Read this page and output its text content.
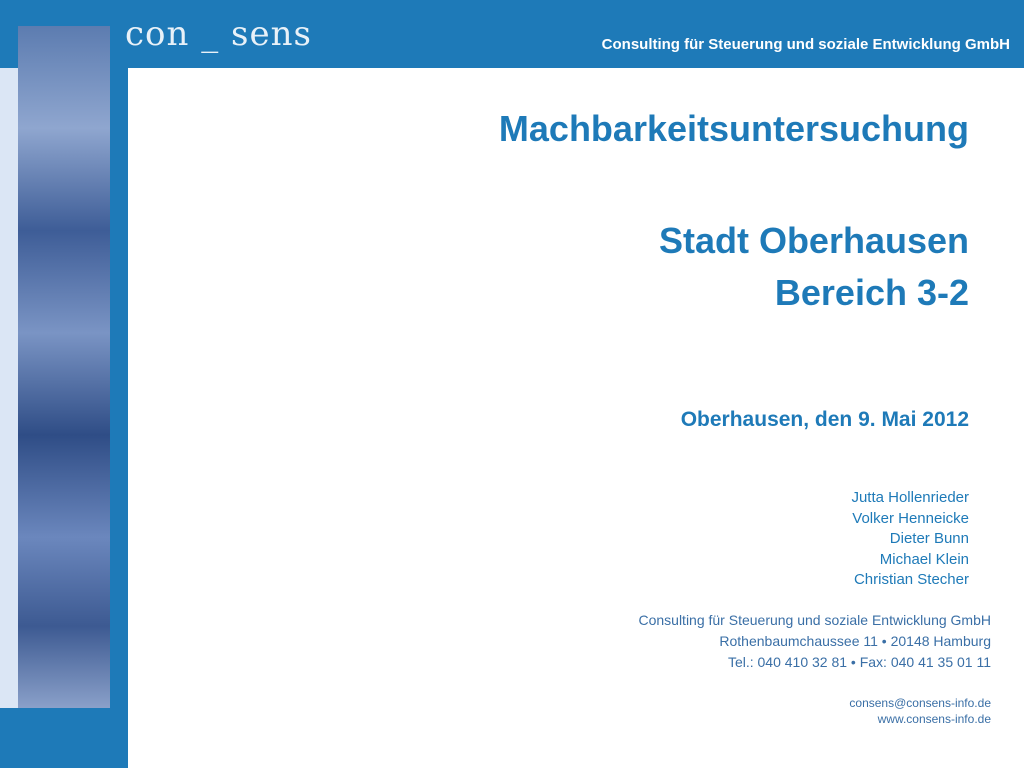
con _ sens	Consulting für Steuerung und soziale Entwicklung GmbH
Machbarkeitsuntersuchung
Stadt Oberhausen
Bereich 3-2
Oberhausen, den 9. Mai 2012
Jutta Hollenrieder
Volker Henneicke
Dieter Bunn
Michael Klein
Christian Stecher
Consulting für Steuerung und soziale Entwicklung GmbH
Rothenbaumchaussee 11 • 20148 Hamburg
Tel.: 040 410 32 81 • Fax: 040 41 35 01 11
consens@consens-info.de
www.consens-info.de
